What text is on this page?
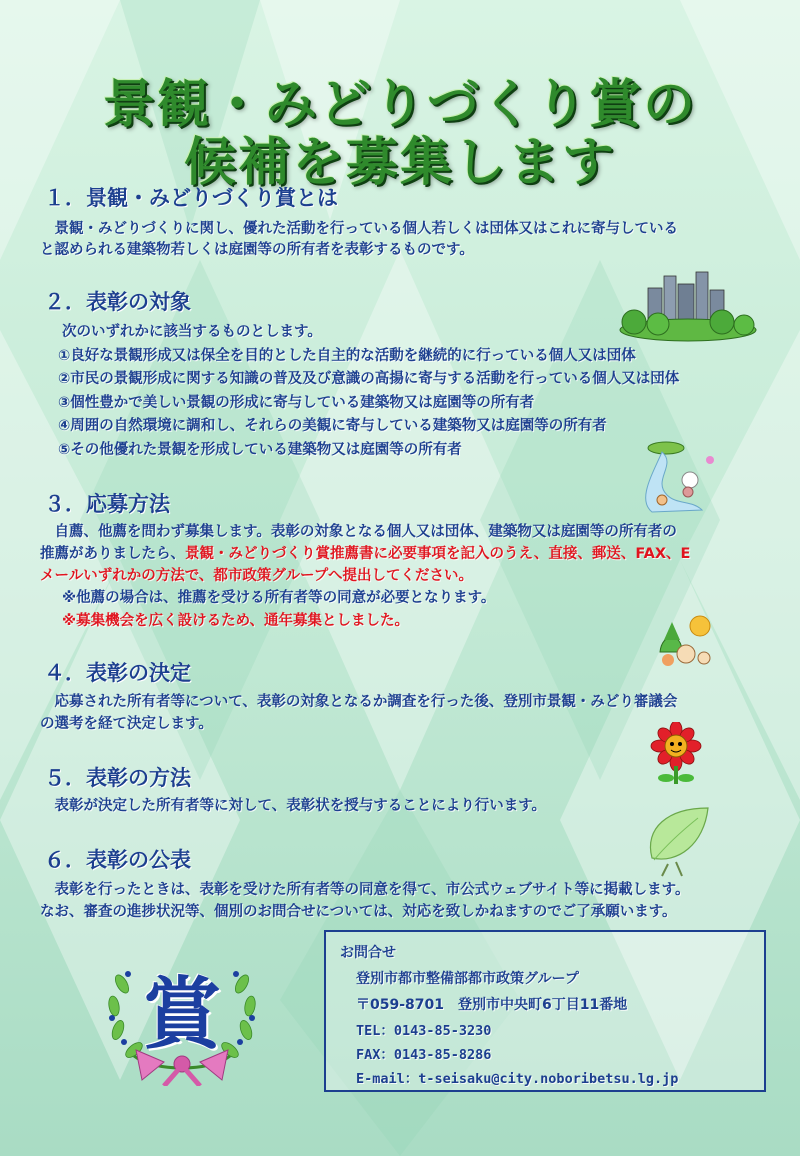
景観・みどりづくり賞の
候補を募集します
１．景観・みどりづくり賞とは
　景観・みどりづくりに関し、優れた活動を行っている個人若しくは団体又はこれに寄与している
と認められる建築物若しくは庭園等の所有者を表彰するものです。
２．表彰の対象
次のいずれかに該当するものとします。
①良好な景観形成又は保全を目的とした自主的な活動を継続的に行っている個人又は団体
②市民の景観形成に関する知識の普及及び意識の高揚に寄与する活動を行っている個人又は団体
③個性豊かで美しい景観の形成に寄与している建築物又は庭園等の所有者
④周囲の自然環境に調和し、それらの美観に寄与している建築物又は庭園等の所有者
⑤その他優れた景観を形成している建築物又は庭園等の所有者
３．応募方法
　自薦、他薦を問わず募集します。表彰の対象となる個人又は団体、建築物又は庭園等の所有者の
推薦がありましたら、景観・みどりづくり賞推薦書に必要事項を記入のうえ、直接、郵送、FAX、E
メールいずれかの方法で、都市政策グループへ提出してください。
※他薦の場合は、推薦を受ける所有者等の同意が必要となります。
※募集機会を広く設けるため、通年募集としました。
４．表彰の決定
　応募された所有者等について、表彰の対象となるか調査を行った後、登別市景観・みどり審議会
の選考を経て決定します。
５．表彰の方法
　表彰が決定した所有者等に対して、表彰状を授与することにより行います。
６．表彰の公表
　表彰を行ったときは、表彰を受けた所有者等の同意を得て、市公式ウェブサイト等に掲載します。
なお、審査の進捗状況等、個別のお問合せについては、対応を致しかねますのでご了承願います。
お問合せ
登別市都市整備部都市政策グループ
〒059-8701　登別市中央町6丁目11番地
TEL：0143-85-3230
FAX：0143-85-8286
E-mail：t-seisaku@city.noboribetsu.lg.jp
賞
